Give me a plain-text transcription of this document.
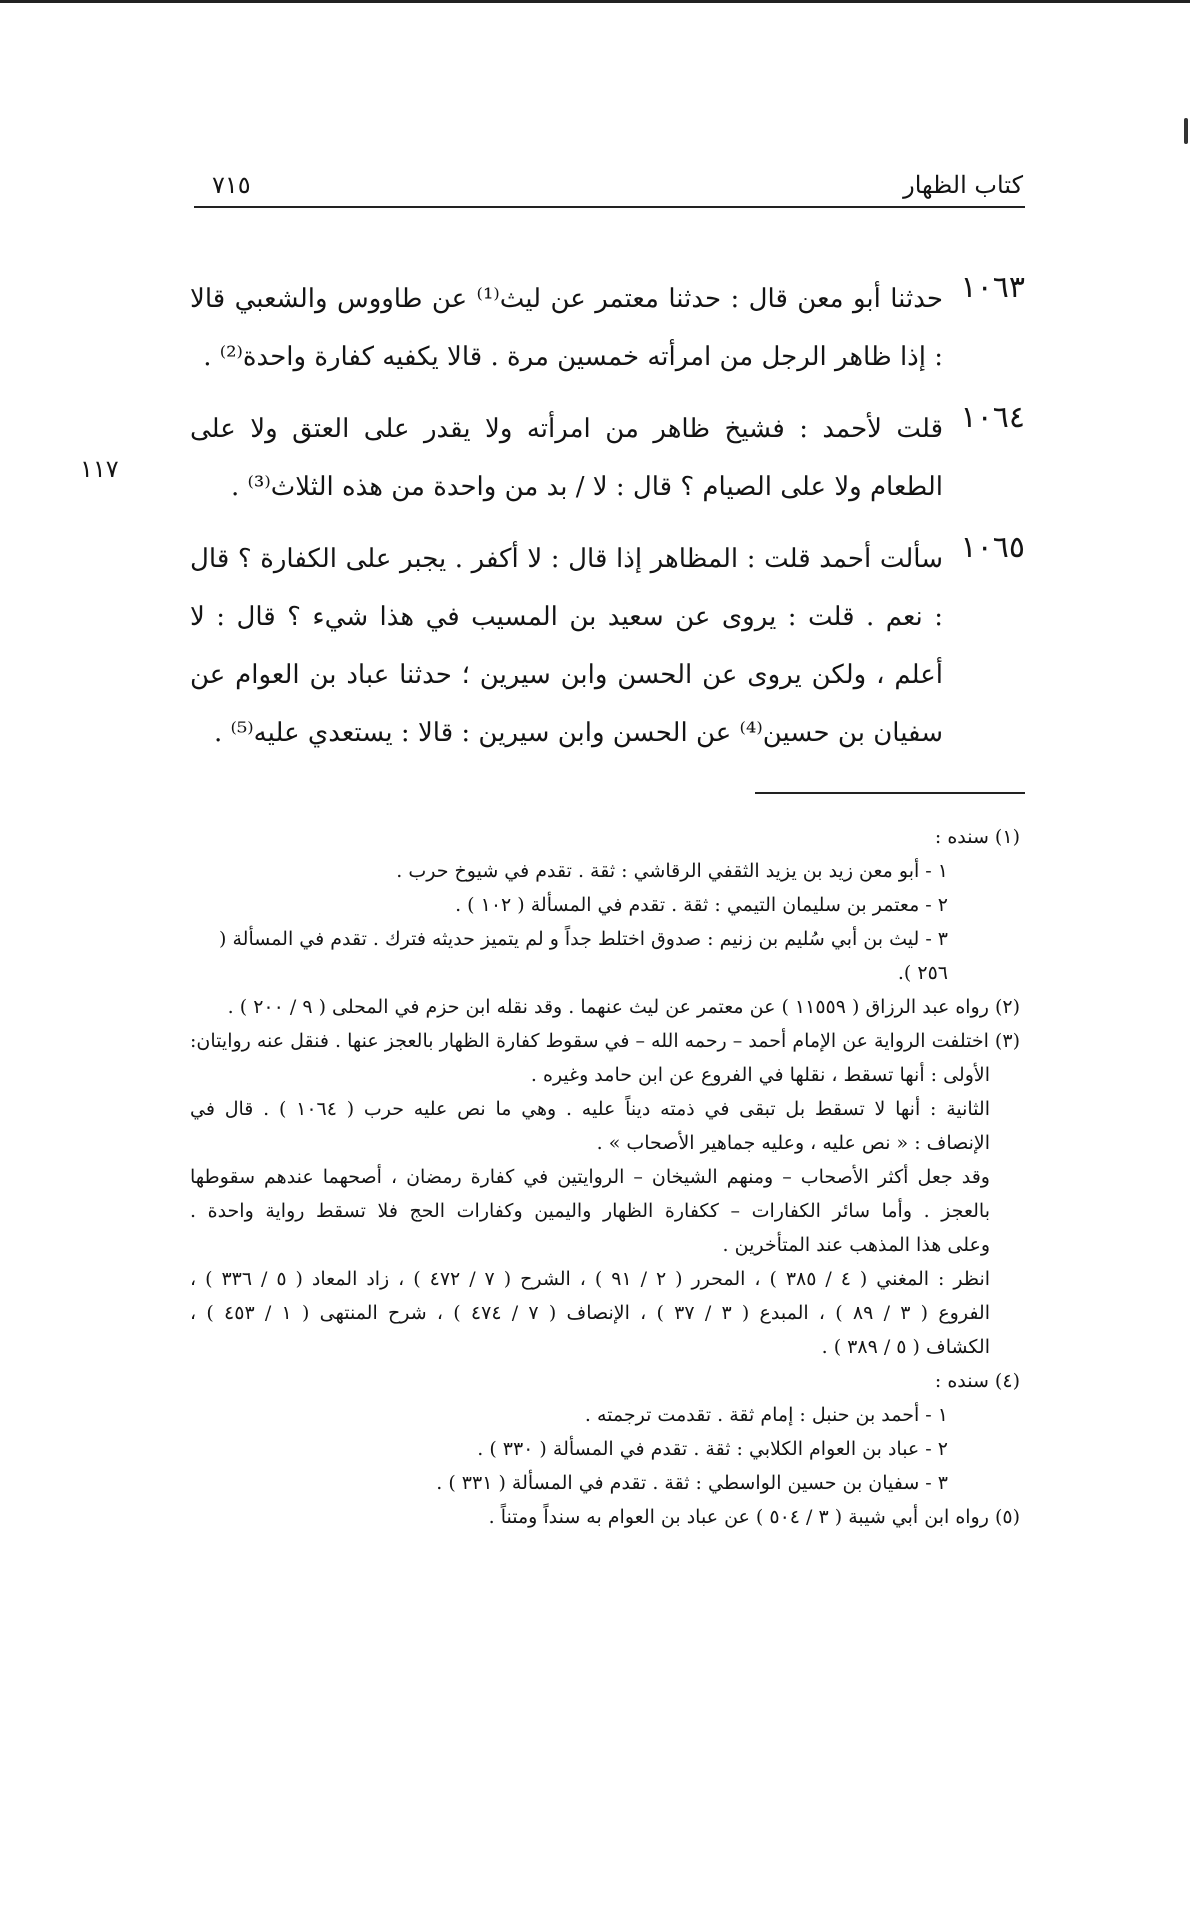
كتاب الظهار
٧١٥
١١٧
١٠٦٣
حدثنا أبو معن قال : حدثنا معتمر عن ليث⁽¹⁾ عن طاووس والشعبي قالا : إذا ظاهر الرجل من امرأته خمسين مرة . قالا يكفيه كفارة واحدة⁽²⁾ .
١٠٦٤
قلت لأحمد : فشيخ ظاهر من امرأته ولا يقدر على العتق ولا على الطعام ولا على الصيام ؟ قال : لا / بد من واحدة من هذه الثلاث⁽³⁾ .
١٠٦٥
سألت أحمد قلت : المظاهر إذا قال : لا أكفر . يجبر على الكفارة ؟ قال : نعم . قلت : يروى عن سعيد بن المسيب في هذا شيء ؟ قال : لا أعلم ، ولكن يروى عن الحسن وابن سيرين ؛ حدثنا عباد بن العوام عن سفيان بن حسين⁽⁴⁾ عن الحسن وابن سيرين : قالا : يستعدي عليه⁽⁵⁾ .

(١) سنده :

١ - أبو معن زيد بن يزيد الثقفي الرقاشي : ثقة . تقدم في شيوخ حرب .

٢ - معتمر بن سليمان التيمي : ثقة . تقدم في المسألة ( ١٠٢ ) .

٣ - ليث بن أبي سُليم بن زنيم : صدوق اختلط جداً و لم يتميز حديثه فترك . تقدم في المسألة ( ٢٥٦ ).

(٢) رواه عبد الرزاق ( ١١٥٥٩ ) عن معتمر عن ليث عنهما . وقد نقله ابن حزم في المحلى ( ٩ / ٢٠٠ ) .

(٣) اختلفت الرواية عن الإمام أحمد – رحمه الله – في سقوط كفارة الظهار بالعجز عنها . فنقل عنه روايتان:

الأولى : أنها تسقط ، نقلها في الفروع عن ابن حامد وغيره .

الثانية : أنها لا تسقط بل تبقى في ذمته ديناً عليه . وهي ما نص عليه حرب ( ١٠٦٤ ) . قال في

الإنصاف : « نص عليه ، وعليه جماهير الأصحاب » .

وقد جعل أكثر الأصحاب – ومنهم الشيخان – الروايتين في كفارة رمضان ، أصحهما عندهم سقوطها

بالعجز . وأما سائر الكفارات – ككفارة الظهار واليمين وكفارات الحج فلا تسقط رواية واحدة .

وعلى هذا المذهب عند المتأخرين .

انظر : المغني ( ٤ / ٣٨٥ ) ، المحرر ( ٢ / ٩١ ) ، الشرح ( ٧ / ٤٧٢ ) ، زاد المعاد ( ٥ / ٣٣٦ ) ،

الفروع ( ٣ / ٨٩ ) ، المبدع ( ٣ / ٣٧ ) ، الإنصاف ( ٧ / ٤٧٤ ) ، شرح المنتهى ( ١ / ٤٥٣ ) ،

الكشاف ( ٥ / ٣٨٩ ) .

(٤) سنده :

١ - أحمد بن حنبل : إمام ثقة . تقدمت ترجمته .

٢ - عباد بن العوام الكلابي : ثقة . تقدم في المسألة ( ٣٣٠ ) .

٣ - سفيان بن حسين الواسطي : ثقة . تقدم في المسألة ( ٣٣١ ) .

(٥) رواه ابن أبي شيبة ( ٣ / ٥٠٤ ) عن عباد بن العوام به سنداً ومتناً .
